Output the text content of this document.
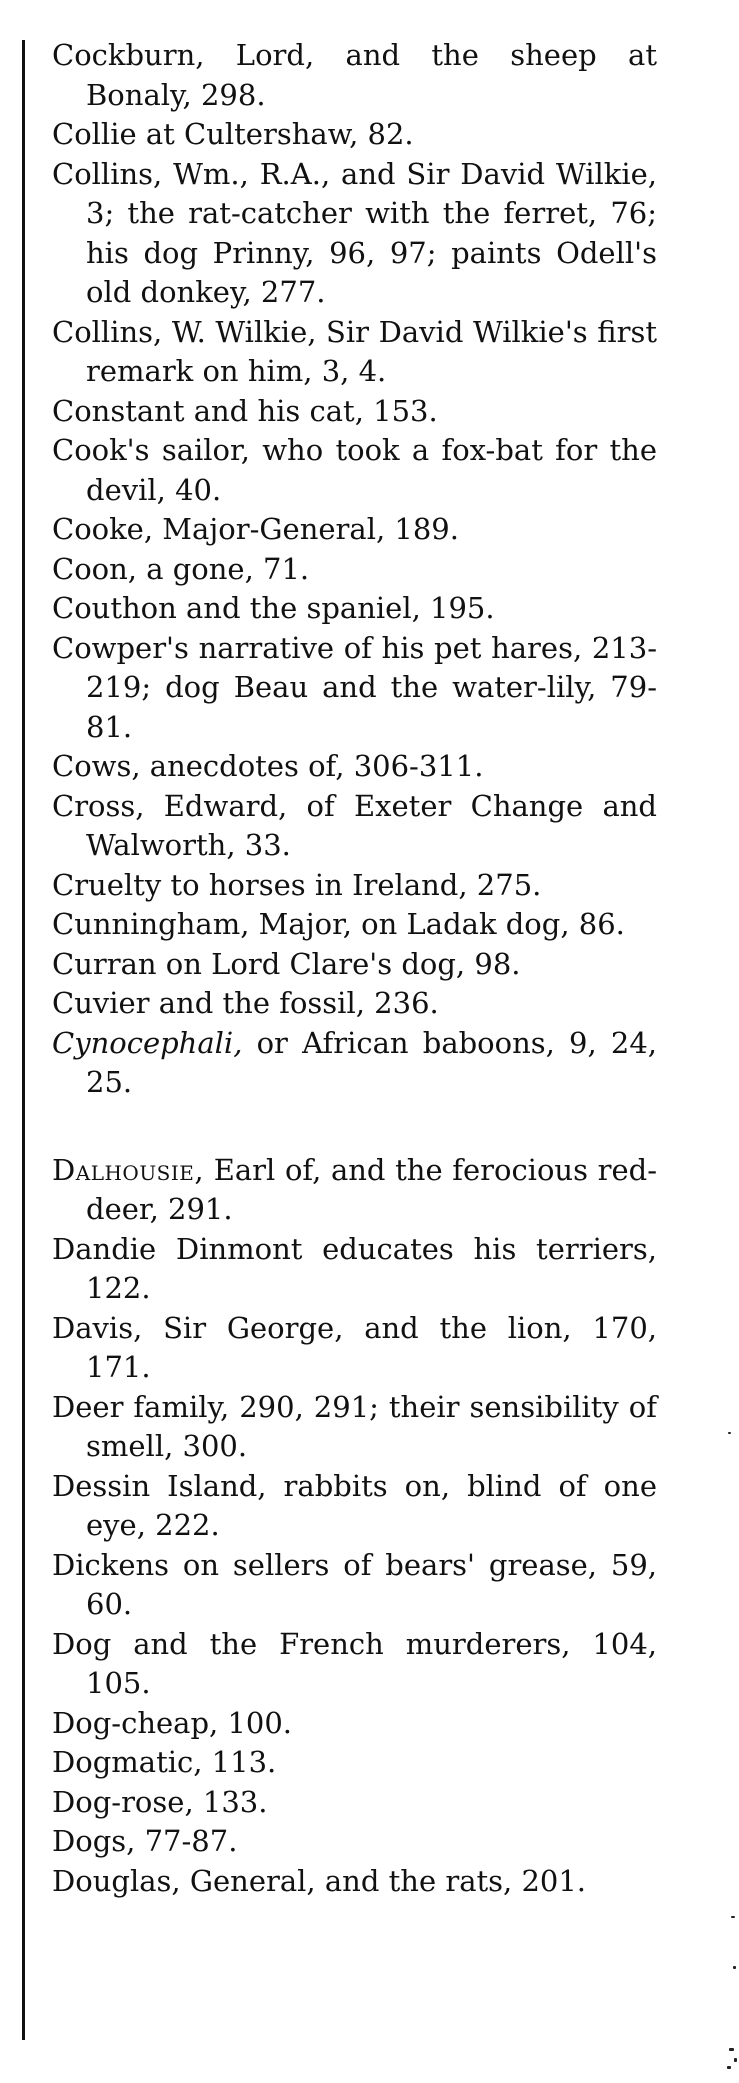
Cockburn, Lord, and the sheep at Bonaly, 298.

Collie at Cultershaw, 82.

Collins, Wm., R.A., and Sir David Wilkie, 3; the rat-catcher with the ferret, 76; his dog Prinny, 96, 97; paints Odell's old donkey, 277.

Collins, W. Wilkie, Sir David Wilkie's first remark on him, 3, 4.

Constant and his cat, 153.

Cook's sailor, who took a fox-bat for the devil, 40.

Cooke, Major-General, 189.

Coon, a gone, 71.

Couthon and the spaniel, 195.

Cowper's narrative of his pet hares, 213-219; dog Beau and the water-lily, 79-81.

Cows, anecdotes of, 306-311.

Cross, Edward, of Exeter Change and Walworth, 33.

Cruelty to horses in Ireland, 275.

Cunningham, Major, on Ladak dog, 86.

Curran on Lord Clare's dog, 98.

Cuvier and the fossil, 236.

Cynocephali, or African baboons, 9, 24, 25.

Dalhousie, Earl of, and the ferocious red-deer, 291.

Dandie Dinmont educates his terriers, 122.

Davis, Sir George, and the lion, 170, 171.

Deer family, 290, 291; their sensibility of smell, 300.

Dessin Island, rabbits on, blind of one eye, 222.

Dickens on sellers of bears' grease, 59, 60.

Dog and the French murderers, 104, 105.

Dog-cheap, 100.

Dogmatic, 113.

Dog-rose, 133.

Dogs, 77-87.

Douglas, General, and the rats, 201.
